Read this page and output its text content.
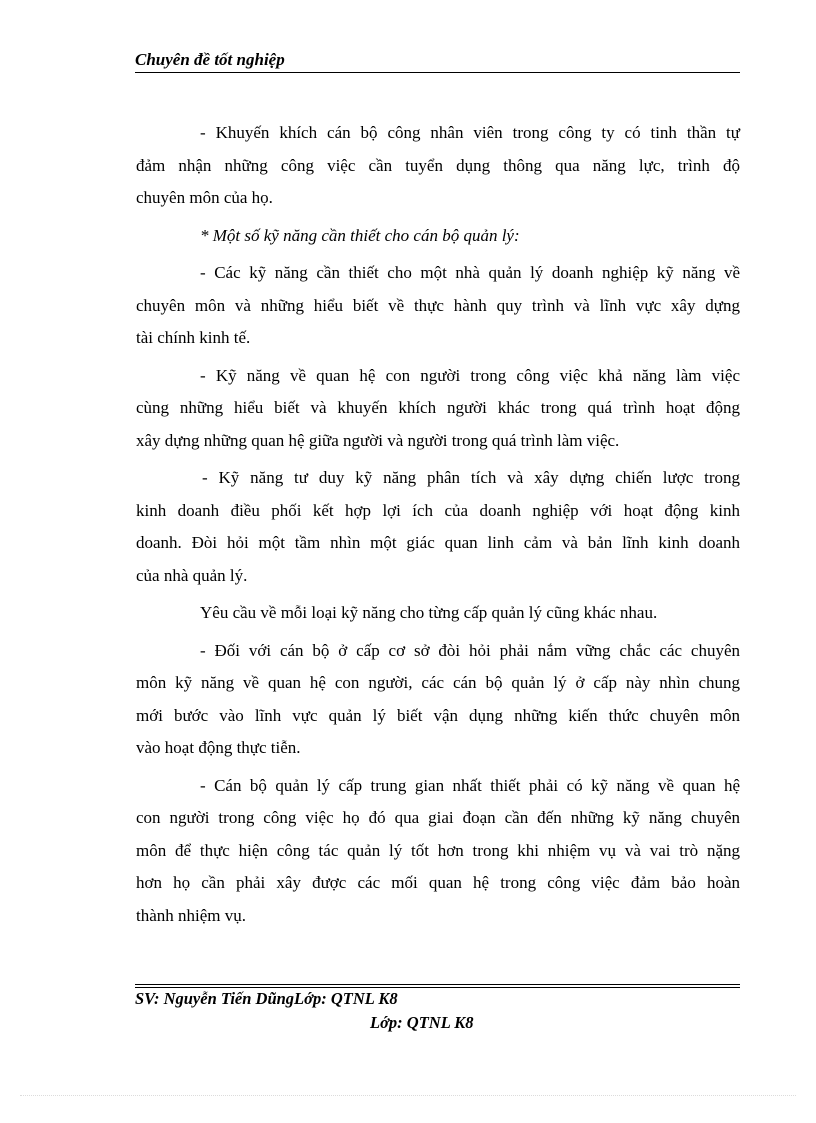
Chuyên đề tốt nghiệp
- Khuyến khích cán bộ công nhân viên trong công ty có tinh thần tự
đảm nhận những công việc cần tuyển dụng thông qua năng lực, trình độ
chuyên môn của họ.
* Một số kỹ năng cần thiết cho cán bộ quản lý:
- Các kỹ năng cần thiết cho một nhà quản lý doanh nghiệp kỹ năng về
chuyên môn và những hiểu biết về thực hành quy trình và lĩnh vực xây dựng
tài chính kinh tế.
- Kỹ năng về quan hệ con người trong công việc khả năng làm việc
cùng những hiểu biết và khuyến khích người khác trong quá trình hoạt động
xây dựng những quan hệ giữa người và người trong quá trình làm việc.
- Kỹ năng tư duy kỹ năng phân tích và xây dựng chiến lược trong
kinh doanh điều phối kết hợp lợi ích của doanh nghiệp với hoạt động kinh
doanh. Đòi hỏi một tầm nhìn một giác quan linh cảm và bản lĩnh kinh doanh
của nhà quản lý.
Yêu cầu về mỗi loại kỹ năng cho từng cấp quản lý cũng khác nhau.
- Đối với cán bộ ở cấp cơ sở đòi hỏi phải nắm vững chắc các chuyên
môn kỹ năng về quan hệ con người, các cán bộ quản lý ở cấp này nhìn chung
mới bước vào lĩnh vực quản lý biết vận dụng những kiến thức chuyên môn
vào hoạt động thực tiễn.
- Cán bộ quản lý cấp trung gian nhất thiết phải có kỹ năng về quan hệ
con người trong công việc họ đó qua giai đoạn cần đến những kỹ năng chuyên
môn để thực hiện công tác quản lý tốt hơn trong khi nhiệm vụ và vai trò nặng
hơn họ cần phải xây được các mối quan hệ trong công việc đảm bảo hoàn
thành nhiệm vụ.
SV: Nguyễn Tiến DũngLớp: QTNL K8
Lớp: QTNL K8
